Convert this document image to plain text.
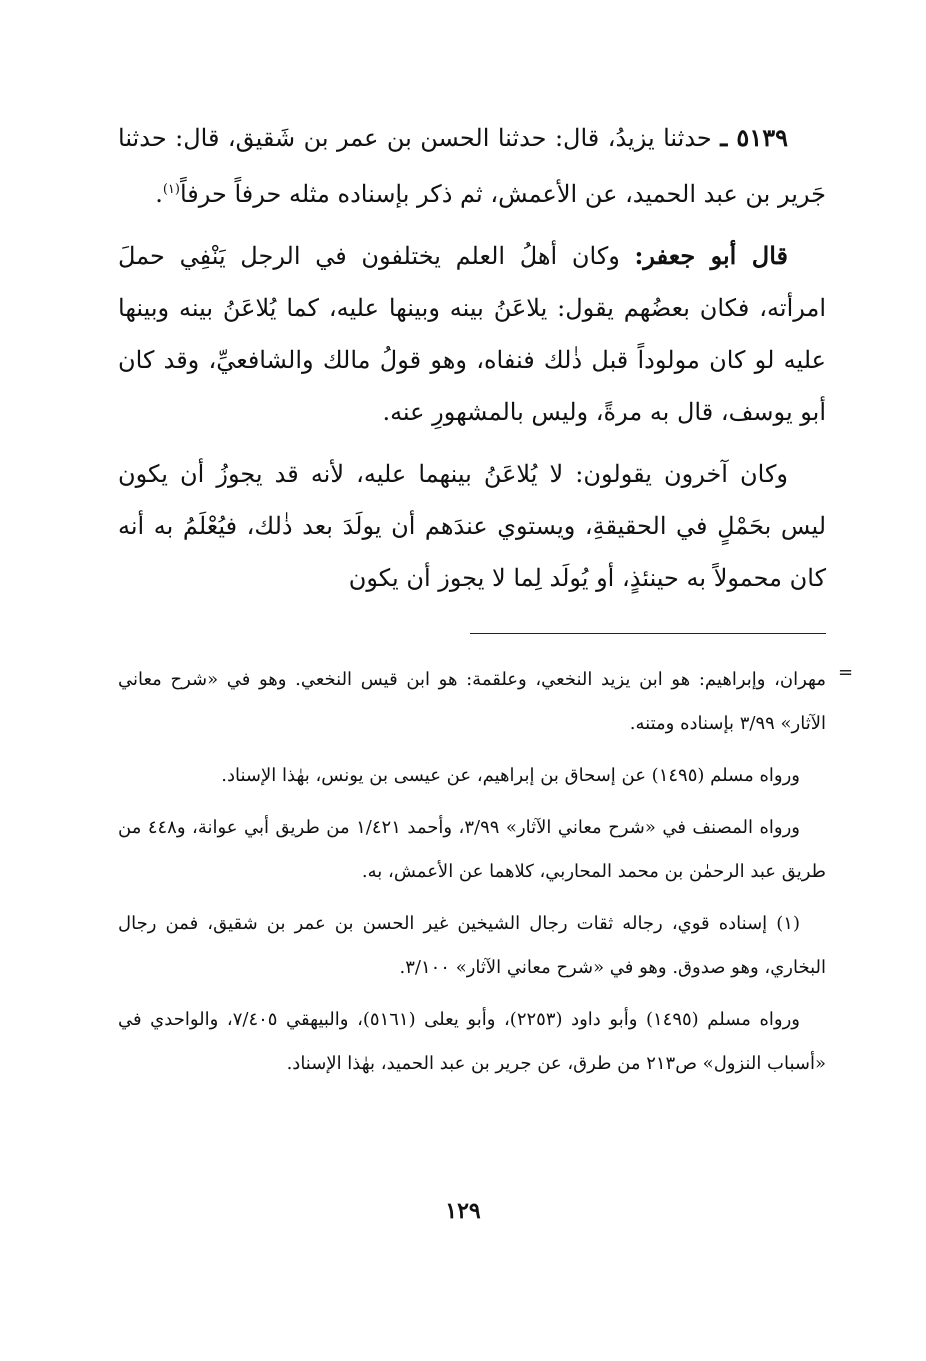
٥١٣٩ ـ حدثنا يزيدُ، قال: حدثنا الحسن بن عمر بن شَقيق، قال: حدثنا جَرير بن عبد الحميد، عن الأعمش، ثم ذكر بإسناده مثله حرفاً حرفاً$^{(١)}$.

قال أبو جعفر: وكان أهلُ العلم يختلفون في الرجل يَنْفِي حملَ امرأته، فكان بعضُهم يقول: يلاعَنُ بينه وبينها عليه، كما يُلاعَنُ بينه وبينها عليه لو كان مولوداً قبل ذٰلك فنفاه، وهو قولُ مالك والشافعيِّ، وقد كان أبو يوسف، قال به مرةً، وليس بالمشهورِ عنه.

وكان آخرون يقولون: لا يُلاعَنُ بينهما عليه، لأنه قد يجوزُ أن يكون ليس بحَمْلٍ في الحقيقةِ، ويستوي عندَهم أن يولَدَ بعد ذٰلك، فيُعْلَمُ به أنه كان محمولاً به حينئذٍ، أو يُولَد لِما لا يجوز أن يكون

=

مهران، وإبراهيم: هو ابن يزيد النخعي، وعلقمة: هو ابن قيس النخعي. وهو في «شرح معاني الآثار» ٣/٩٩ بإسناده ومتنه.

ورواه مسلم (١٤٩٥) عن إسحاق بن إبراهيم، عن عيسى بن يونس، بهٰذا الإسناد.

ورواه المصنف في «شرح معاني الآثار» ٣/٩٩، وأحمد ١/٤٢١ من طريق أبي عوانة، و٤٤٨ من طريق عبد الرحمٰن بن محمد المحاربي، كلاهما عن الأعمش، به.

(١) إسناده قوي، رجاله ثقات رجال الشيخين غير الحسن بن عمر بن شقيق، فمن رجال البخاري، وهو صدوق. وهو في «شرح معاني الآثار» ٣/١٠٠.

ورواه مسلم (١٤٩٥) وأبو داود (٢٢٥٣)، وأبو يعلى (٥١٦١)، والبيهقي ٧/٤٠٥، والواحدي في «أسباب النزول» ص٢١٣ من طرق، عن جرير بن عبد الحميد، بهٰذا الإسناد.

١٢٩
